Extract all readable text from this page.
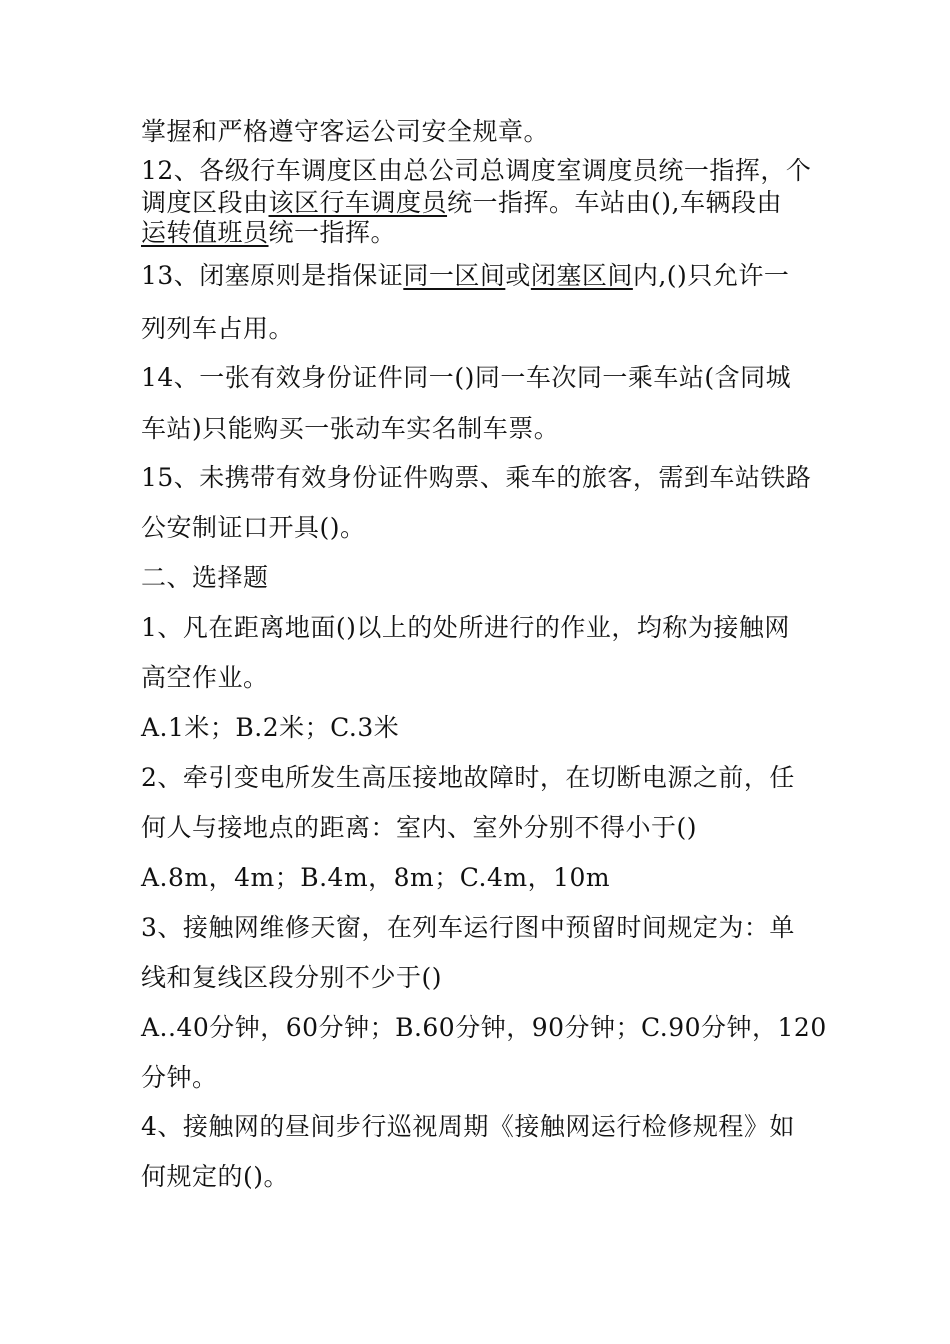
掌握和严格遵守客运公司安全规章。
12、各级行车调度区由总公司总调度室调度员统一指挥，个
调度区段由该区行车调度员统一指挥。车站由(),车辆段由
运转值班员统一指挥。
13、闭塞原则是指保证同一区间或闭塞区间内,()只允许一
列列车占用。
14、一张有效身份证件同一()同一车次同一乘车站(含同城
车站)只能购买一张动车实名制车票。
15、未携带有效身份证件购票、乘车的旅客，需到车站铁路
公安制证口开具()。
二、选择题
1、凡在距离地面()以上的处所进行的作业，均称为接触网
高空作业。
A.1米；B.2米；C.3米
2、牵引变电所发生高压接地故障时，在切断电源之前，任
何人与接地点的距离：室内、室外分别不得小于()
A.8m，4m；B.4m，8m；C.4m，10m
3、接触网维修天窗，在列车运行图中预留时间规定为：单
线和复线区段分别不少于()
A..40分钟，60分钟；B.60分钟，90分钟；C.90分钟，120
分钟。
4、接触网的昼间步行巡视周期《接触网运行检修规程》如
何规定的()。
